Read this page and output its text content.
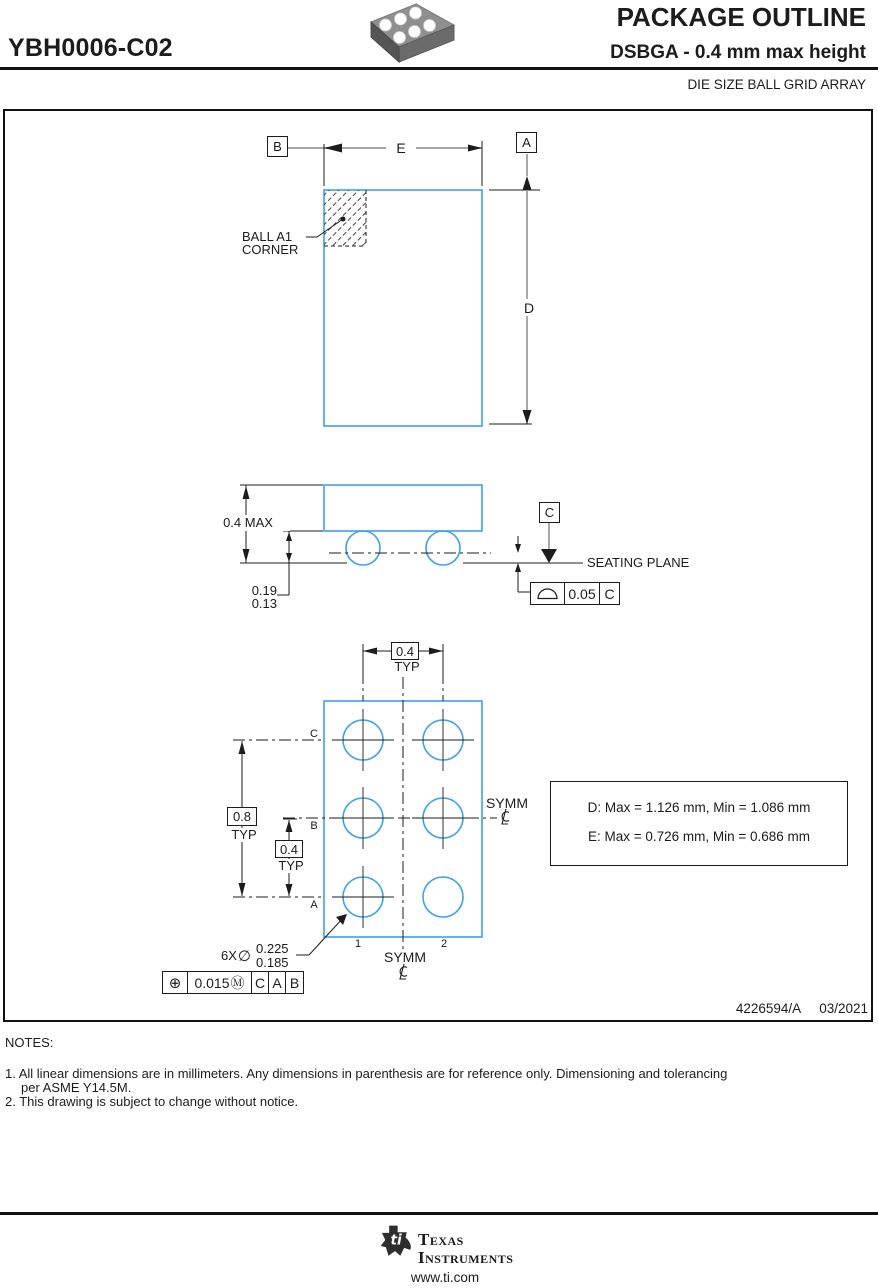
YBH0006-C02
PACKAGE OUTLINE
DSBGA - 0.4 mm max height
DIE SIZE BALL GRID ARRAY
B	A
E
D
BALL A1
CORNER
0.4 MAX
0.19
0.13
SEATING PLANE
C
0.05 C
0.4
TYP
0.8
TYP
0.4
TYP
C
B
A
1	2
SYMM
SYMM
6X ∅ 0.225
0.185
⊕ 0.015 Ⓜ C A B
D: Max = 1.126 mm, Min = 1.086 mm
E: Max = 0.726 mm, Min = 0.686 mm
4226594/A 03/2021
NOTES:
1. All linear dimensions are in millimeters. Any dimensions in parenthesis are for reference only. Dimensioning and tolerancing
per ASME Y14.5M.
2. This drawing is subject to change without notice.
ti Texas
Instruments
www.ti.com
